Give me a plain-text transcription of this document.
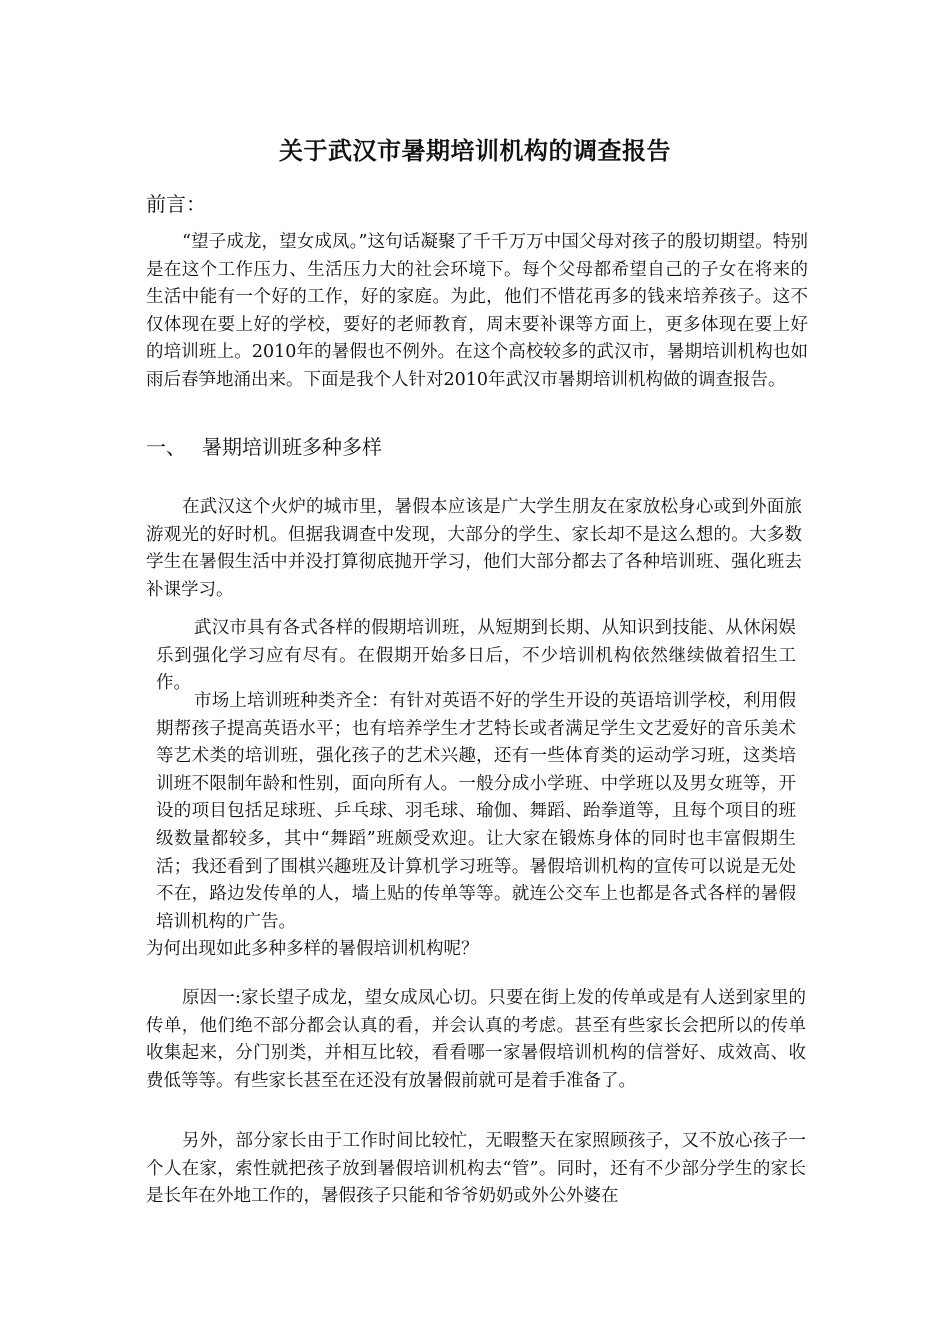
关于武汉市暑期培训机构的调查报告
前言：

“望子成龙，望女成凤。”这句话凝聚了千千万万中国父母对孩子的殷切期望。特别是在这个工作压力、生活压力大的社会环境下。每个父母都希望自己的子女在将来的生活中能有一个好的工作，好的家庭。为此，他们不惜花再多的钱来培养孩子。这不仅体现在要上好的学校，要好的老师教育，周末要补课等方面上，更多体现在要上好的培训班上。2010年的暑假也不例外。在这个高校较多的武汉市，暑期培训机构也如雨后春笋地涌出来。下面是我个人针对2010年武汉市暑期培训机构做的调查报告。

一、 暑期培训班多种多样

在武汉这个火炉的城市里，暑假本应该是广大学生朋友在家放松身心或到外面旅游观光的好时机。但据我调查中发现，大部分的学生、家长却不是这么想的。大多数学生在暑假生活中并没打算彻底抛开学习，他们大部分都去了各种培训班、强化班去补课学习。

武汉市具有各式各样的假期培训班，从短期到长期、从知识到技能、从休闲娱乐到强化学习应有尽有。在假期开始多日后，不少培训机构依然继续做着招生工作。

市场上培训班种类齐全：有针对英语不好的学生开设的英语培训学校，利用假期帮孩子提高英语水平；也有培养学生才艺特长或者满足学生文艺爱好的音乐美术等艺术类的培训班，强化孩子的艺术兴趣，还有一些体育类的运动学习班，这类培训班不限制年龄和性别，面向所有人。一般分成小学班、中学班以及男女班等，开设的项目包括足球班、乒乓球、羽毛球、瑜伽、舞蹈、跆拳道等，且每个项目的班级数量都较多，其中“舞蹈”班颇受欢迎。让大家在锻炼身体的同时也丰富假期生活；我还看到了围棋兴趣班及计算机学习班等。暑假培训机构的宣传可以说是无处不在，路边发传单的人，墙上贴的传单等等。就连公交车上也都是各式各样的暑假培训机构的广告。

为何出现如此多种多样的暑假培训机构呢？

原因一:家长望子成龙，望女成凤心切。只要在街上发的传单或是有人送到家里的传单，他们绝不部分都会认真的看，并会认真的考虑。甚至有些家长会把所以的传单收集起来，分门别类，并相互比较，看看哪一家暑假培训机构的信誉好、成效高、收费低等等。有些家长甚至在还没有放暑假前就可是着手准备了。

另外，部分家长由于工作时间比较忙，无暇整天在家照顾孩子，又不放心孩子一个人在家，索性就把孩子放到暑假培训机构去“管”。同时，还有不少部分学生的家长是长年在外地工作的，暑假孩子只能和爷爷奶奶或外公外婆在
